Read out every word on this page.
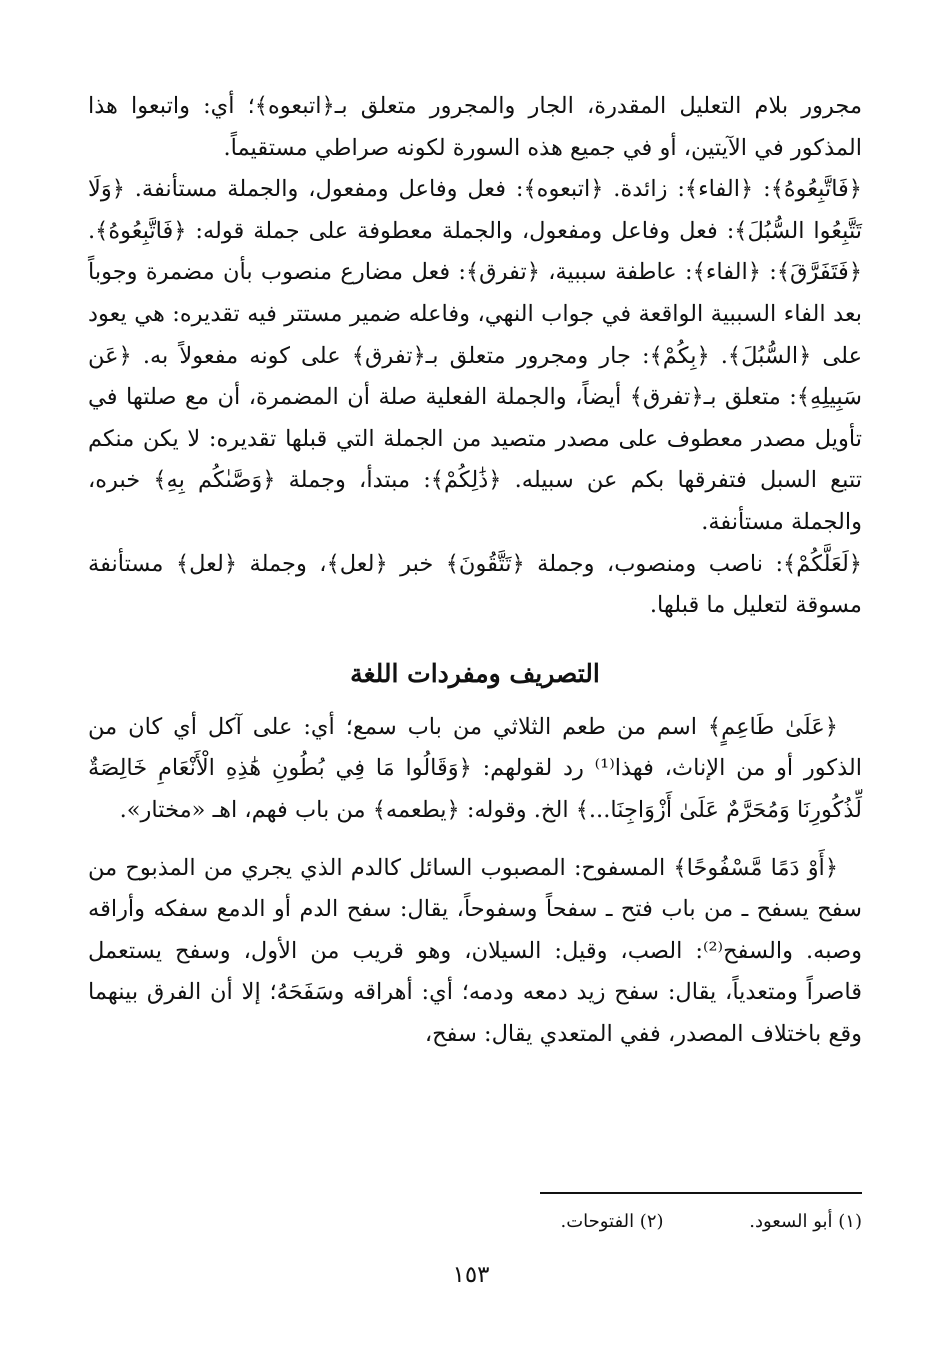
مجرور بلام التعليل المقدرة، الجار والمجرور متعلق بـ﴿اتبعوه﴾؛ أي: واتبعوا هذا المذكور في الآيتين، أو في جميع هذه السورة لكونه صراطي مستقيماً.

﴿فَاتَّبِعُوهُ﴾: ﴿الفاء﴾: زائدة. ﴿اتبعوه﴾: فعل وفاعل ومفعول، والجملة مستأنفة. ﴿وَلَا تَتَّبِعُوا السُّبُلَ﴾: فعل وفاعل ومفعول، والجملة معطوفة على جملة قوله: ﴿فَاتَّبِعُوهُ﴾. ﴿فَتَفَرَّقَ﴾: ﴿الفاء﴾: عاطفة سببية، ﴿تفرق﴾: فعل مضارع منصوب بأن مضمرة وجوباً بعد الفاء السببية الواقعة في جواب النهي، وفاعله ضمير مستتر فيه تقديره: هي يعود على ﴿السُّبُلَ﴾. ﴿بِكُمْ﴾: جار ومجرور متعلق بـ﴿تفرق﴾ على كونه مفعولاً به. ﴿عَن سَبِيلِهِ﴾: متعلق بـ﴿تفرق﴾ أيضاً، والجملة الفعلية صلة أن المضمرة، أن مع صلتها في تأويل مصدر معطوف على مصدر متصيد من الجملة التي قبلها تقديره: لا يكن منكم تتبع السبل فتفرقها بكم عن سبيله. ﴿ذَٰلِكُمْ﴾: مبتدأ، وجملة ﴿وَصَّىٰكُم بِهِ﴾ خبره، والجملة مستأنفة.

﴿لَعَلَّكُمْ﴾: ناصب ومنصوب، وجملة ﴿تَتَّقُونَ﴾ خبر ﴿لعل﴾، وجملة ﴿لعل﴾ مستأنفة مسوقة لتعليل ما قبلها.

التصريف ومفردات اللغة

﴿عَلَىٰ طَاعِمٍ﴾ اسم من طعم الثلاثي من باب سمع؛ أي: على آكل أي كان من الذكور أو من الإناث، فهذا⁽¹⁾ رد لقولهم: ﴿وَقَالُوا مَا فِي بُطُونِ هَٰذِهِ الْأَنْعَامِ خَالِصَةٌ لِّذُكُورِنَا وَمُحَرَّمٌ عَلَىٰ أَزْوَاجِنَا...﴾ الخ. وقوله: ﴿يطعمه﴾ من باب فهم، اهـ «مختار».

﴿أَوْ دَمًا مَّسْفُوحًا﴾ المسفوح: المصبوب السائل كالدم الذي يجري من المذبوح من سفح يسفح ـ من باب فتح ـ سفحاً وسفوحاً، يقال: سفح الدم أو الدمع سفكه وأراقه وصبه. والسفح⁽²⁾: الصب، وقيل: السيلان، وهو قريب من الأول، وسفح يستعمل قاصراً ومتعدياً، يقال: سفح زيد دمعه ودمه؛ أي: أهراقه وسَفَحَهُ؛ إلا أن الفرق بينهما وقع باختلاف المصدر، ففي المتعدي يقال: سفح،

(١) أبو السعود. (٢) الفتوحات.
١٥٣
